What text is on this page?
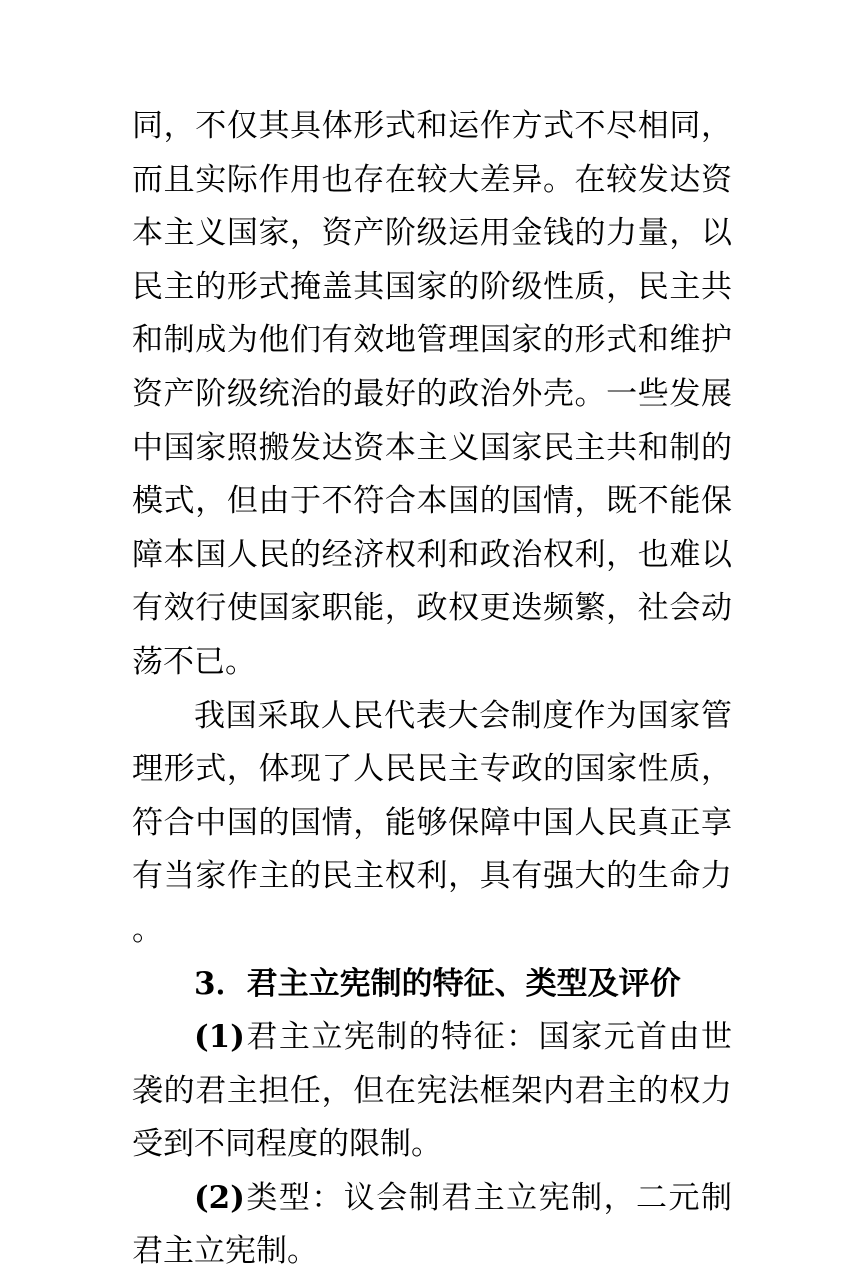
同，不仅其具体形式和运作方式不尽相同，而且实际作用也存在较大差异。在较发达资本主义国家，资产阶级运用金钱的力量，以民主的形式掩盖其国家的阶级性质，民主共和制成为他们有效地管理国家的形式和维护资产阶级统治的最好的政治外壳。一些发展中国家照搬发达资本主义国家民主共和制的模式，但由于不符合本国的国情，既不能保障本国人民的经济权利和政治权利，也难以有效行使国家职能，政权更迭频繁，社会动荡不已。

我国采取人民代表大会制度作为国家管理形式，体现了人民民主专政的国家性质，符合中国的国情，能够保障中国人民真正享有当家作主的民主权利，具有强大的生命力。

3．君主立宪制的特征、类型及评价

(1)君主立宪制的特征：国家元首由世袭的君主担任，但在宪法框架内君主的权力受到不同程度的限制。

(2)类型：议会制君主立宪制，二元制君主立宪制。
